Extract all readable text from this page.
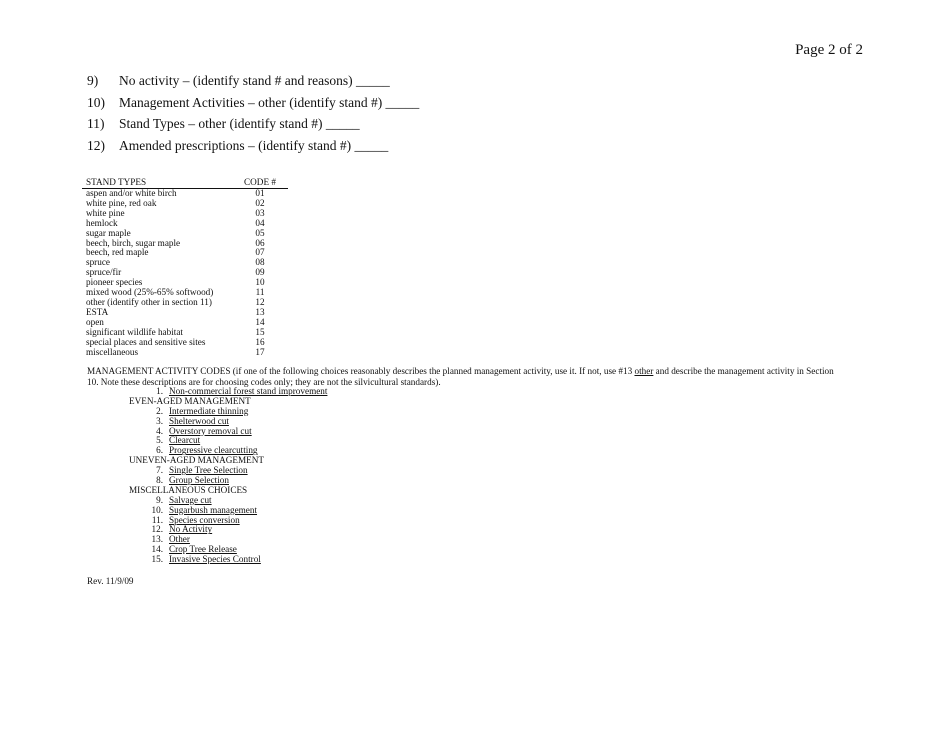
Page 2 of 2
9)	No activity – (identify stand # and reasons) _____
10)	Management Activities – other (identify stand #) _____
11)	Stand Types – other (identify stand #) _____
12)	Amended prescriptions – (identify stand #) _____
STAND TYPES	CODE #
aspen and/or white birch	01
white pine, red oak	02
white pine	03
hemlock	04
sugar maple	05
beech, birch, sugar maple	06
beech, red maple	07
spruce	08
spruce/fir	09
pioneer species	10
mixed wood (25%-65% softwood)	11
other (identify other in section 11)	12
ESTA	13
open	14
significant wildlife habitat	15
special places and sensitive sites	16
miscellaneous	17

MANAGEMENT ACTIVITY CODES (if one of the following choices reasonably describes the planned management activity, use it. If not, use #13 other and describe the management activity in Section 10. Note these descriptions are for choosing codes only; they are not the silvicultural standards).

1. Non-commercial forest stand improvement
EVEN-AGED MANAGEMENT
2. Intermediate thinning
3. Shelterwood cut
4. Overstory removal cut
5. Clearcut
6. Progressive clearcutting
UNEVEN-AGED MANAGEMENT
7. Single Tree Selection
8. Group Selection
MISCELLANEOUS CHOICES
9. Salvage cut
10. Sugarbush management
11. Species conversion
12. No Activity
13. Other
14. Crop Tree Release
15. Invasive Species Control
Rev. 11/9/09
